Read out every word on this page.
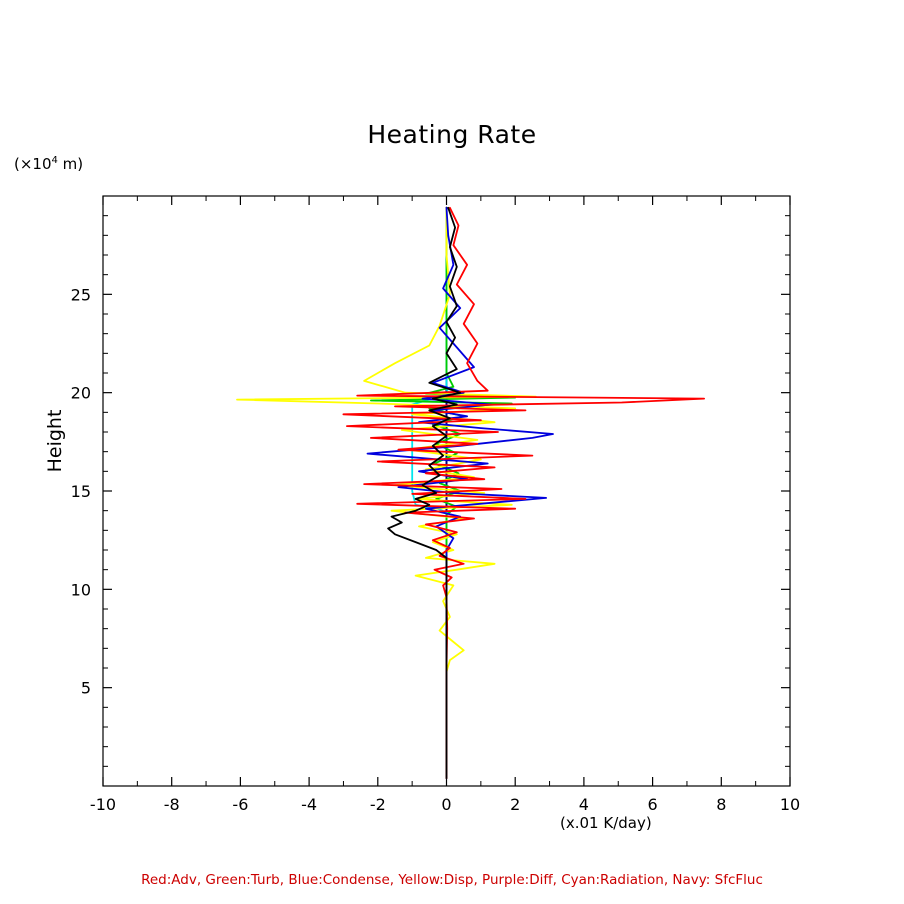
Heating Rate
($\times 10^4$ m)
Height
(x.01 K/day)
Red:Adv, Green:Turb, Blue:Condense, Yellow:Disp, Purple:Diff, Cyan:Radiation, Navy: SfcFluc
-10	-8	-6	-4	-2	0	2	4	6	8	10
5
10
15
20
25
